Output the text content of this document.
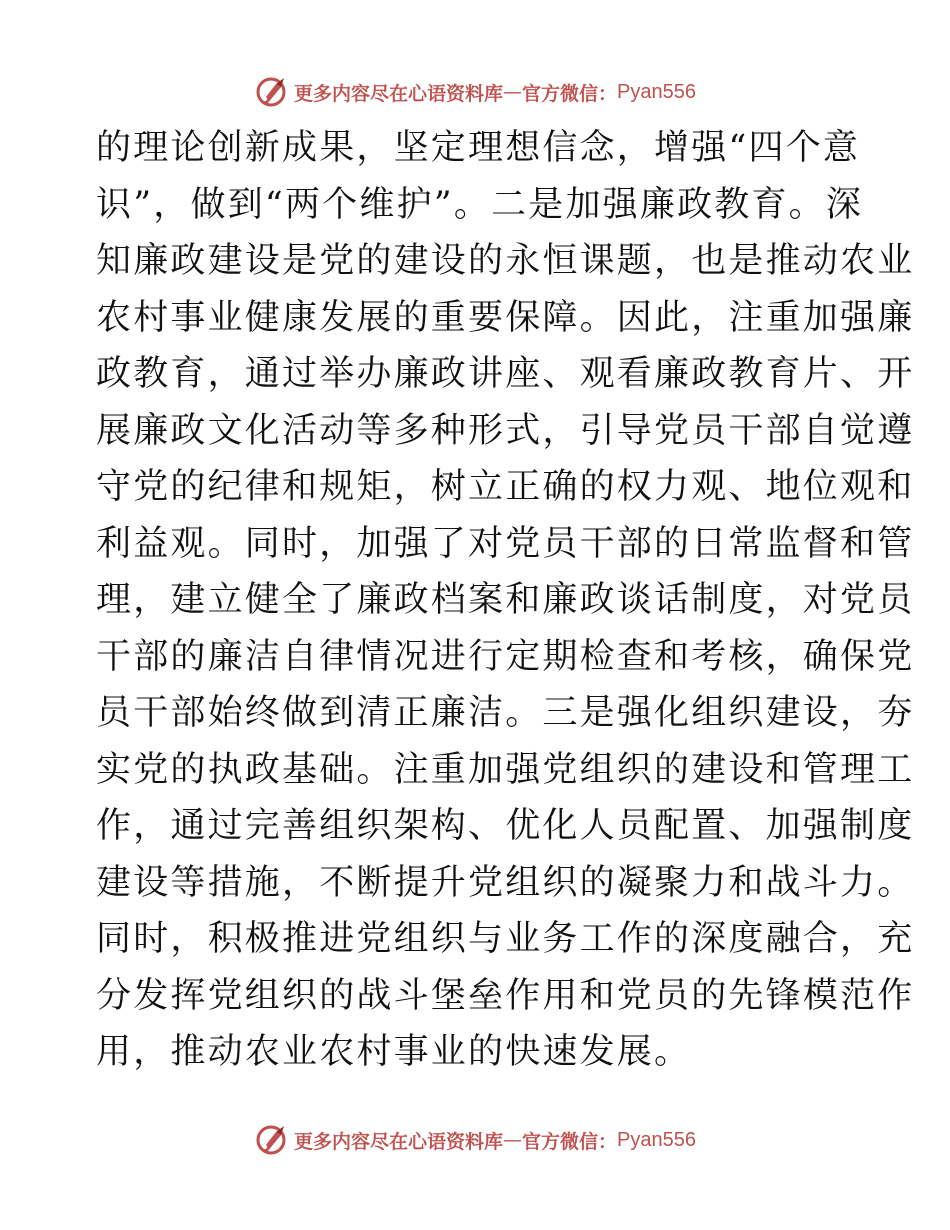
更多内容尽在心语资料库 — 官方微信： Pyan556
的理论创新成果，坚定理想信念，增强“四个意
识”，做到“两个维护”。二是加强廉政教育。深
知廉政建设是党的建设的永恒课题，也是推动农业
农村事业健康发展的重要保障。因此，注重加强廉
政教育，通过举办廉政讲座、观看廉政教育片、开
展廉政文化活动等多种形式，引导党员干部自觉遵
守党的纪律和规矩，树立正确的权力观、地位观和
利益观。同时，加强了对党员干部的日常监督和管
理，建立健全了廉政档案和廉政谈话制度，对党员
干部的廉洁自律情况进行定期检查和考核，确保党
员干部始终做到清正廉洁。三是强化组织建设，夯
实党的执政基础。注重加强党组织的建设和管理工
作，通过完善组织架构、优化人员配置、加强制度
建设等措施，不断提升党组织的凝聚力和战斗力。
同时，积极推进党组织与业务工作的深度融合，充
分发挥党组织的战斗堡垒作用和党员的先锋模范作
用，推动农业农村事业的快速发展。
更多内容尽在心语资料库 — 官方微信： Pyan556
